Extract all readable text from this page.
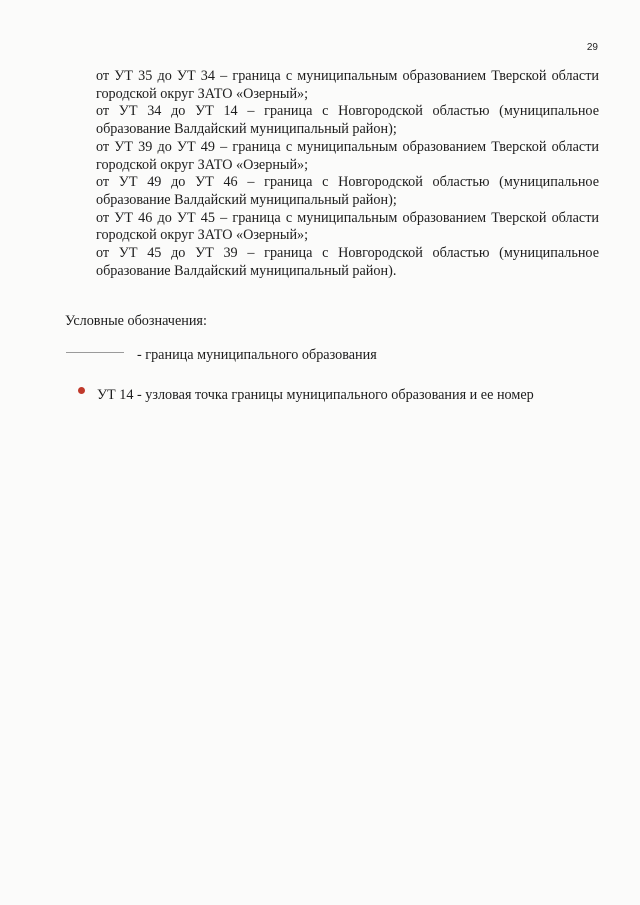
29
от УТ 35 до УТ 34 – граница с муниципальным образованием Тверской области городской округ ЗАТО «Озерный»;
от УТ 34 до УТ 14 – граница с Новгородской областью (муниципальное образование Валдайский муниципальный район);
от УТ 39 до УТ 49 – граница с муниципальным образованием Тверской области городской округ ЗАТО «Озерный»;
от УТ 49 до УТ 46 – граница с Новгородской областью (муниципальное образование Валдайский муниципальный район);
от УТ 46 до УТ 45 – граница с муниципальным образованием Тверской области городской округ ЗАТО «Озерный»;
от УТ 45 до УТ 39 – граница с Новгородской областью (муниципальное образование Валдайский муниципальный район).

Условные обозначения:

- граница муниципального образования
УТ 14 - узловая точка границы муниципального образования и ее номер
